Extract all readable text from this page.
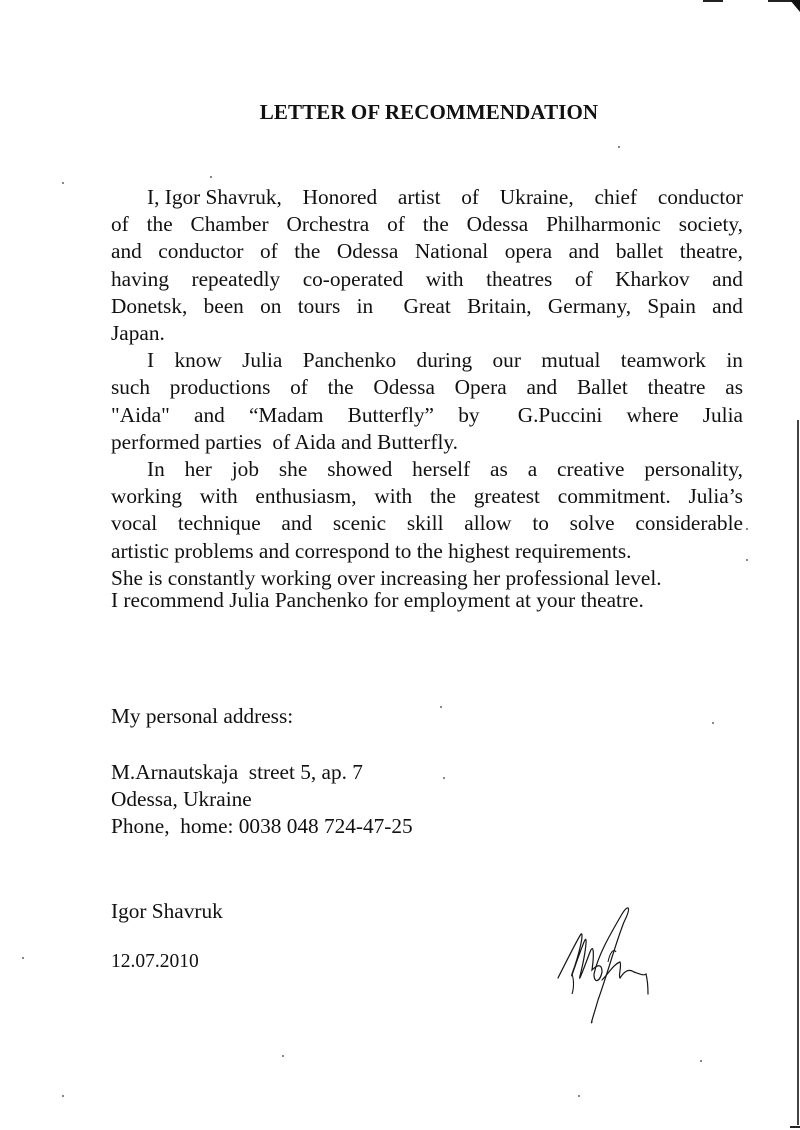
LETTER OF RECOMMENDATION
I, Igor Shavruk, Honored artist of Ukraine, chief conductor
of the Chamber Orchestra of the Odessa Philharmonic society,
and conductor of the Odessa National opera and ballet theatre,
having repeatedly co-operated with theatres of Kharkov and
Donetsk, been on tours in Great Britain, Germany, Spain and
Japan.
I know Julia Panchenko during our mutual teamwork in
such productions of the Odessa Opera and Ballet theatre as
"Aida" and “Madam Butterfly” by G.Puccini where Julia
performed parties  of Aida and Butterfly.
In her job she showed herself as a creative personality,
working with enthusiasm, with the greatest commitment. Julia’s
vocal technique and scenic skill allow to solve considerable
artistic problems and correspond to the highest requirements.
She is constantly working over increasing her professional level.
I recommend Julia Panchenko for employment at your theatre.
My personal address:
M.Arnautskaja  street 5, ap. 7
Odessa, Ukraine
Phone,  home: 0038 048 724-47-25
Igor Shavruk
12.07.2010
